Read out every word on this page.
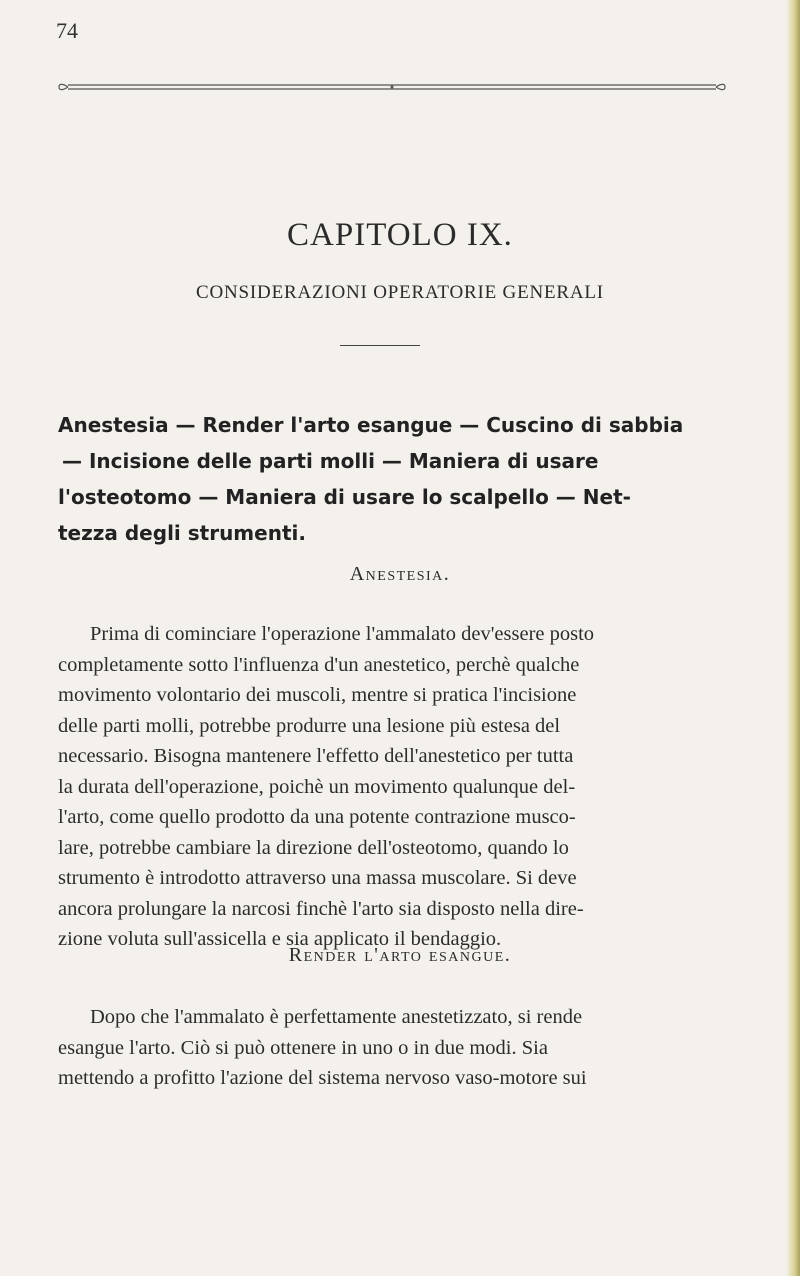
74
CAPITOLO IX.
CONSIDERAZIONI OPERATORIE GENERALI
Anestesia — Render l'arto esangue — Cuscino di sabbia
— Incisione delle parti molli — Maniera di usare
l'osteotomo — Maniera di usare lo scalpello — Net-
tezza degli strumenti.
Anestesia.
Prima di cominciare l'operazione l'ammalato dev'essere posto
completamente sotto l'influenza d'un anestetico, perchè qualche
movimento volontario dei muscoli, mentre si pratica l'incisione
delle parti molli, potrebbe produrre una lesione più estesa del
necessario. Bisogna mantenere l'effetto dell'anestetico per tutta
la durata dell'operazione, poichè un movimento qualunque del-
l'arto, come quello prodotto da una potente contrazione musco-
lare, potrebbe cambiare la direzione dell'osteotomo, quando lo
strumento è introdotto attraverso una massa muscolare. Si deve
ancora prolungare la narcosi finchè l'arto sia disposto nella dire-
zione voluta sull'assicella e sia applicato il bendaggio.
Render l'arto esangue.
Dopo che l'ammalato è perfettamente anestetizzato, si rende
esangue l'arto. Ciò si può ottenere in uno o in due modi. Sia
mettendo a profitto l'azione del sistema nervoso vaso-motore sui
